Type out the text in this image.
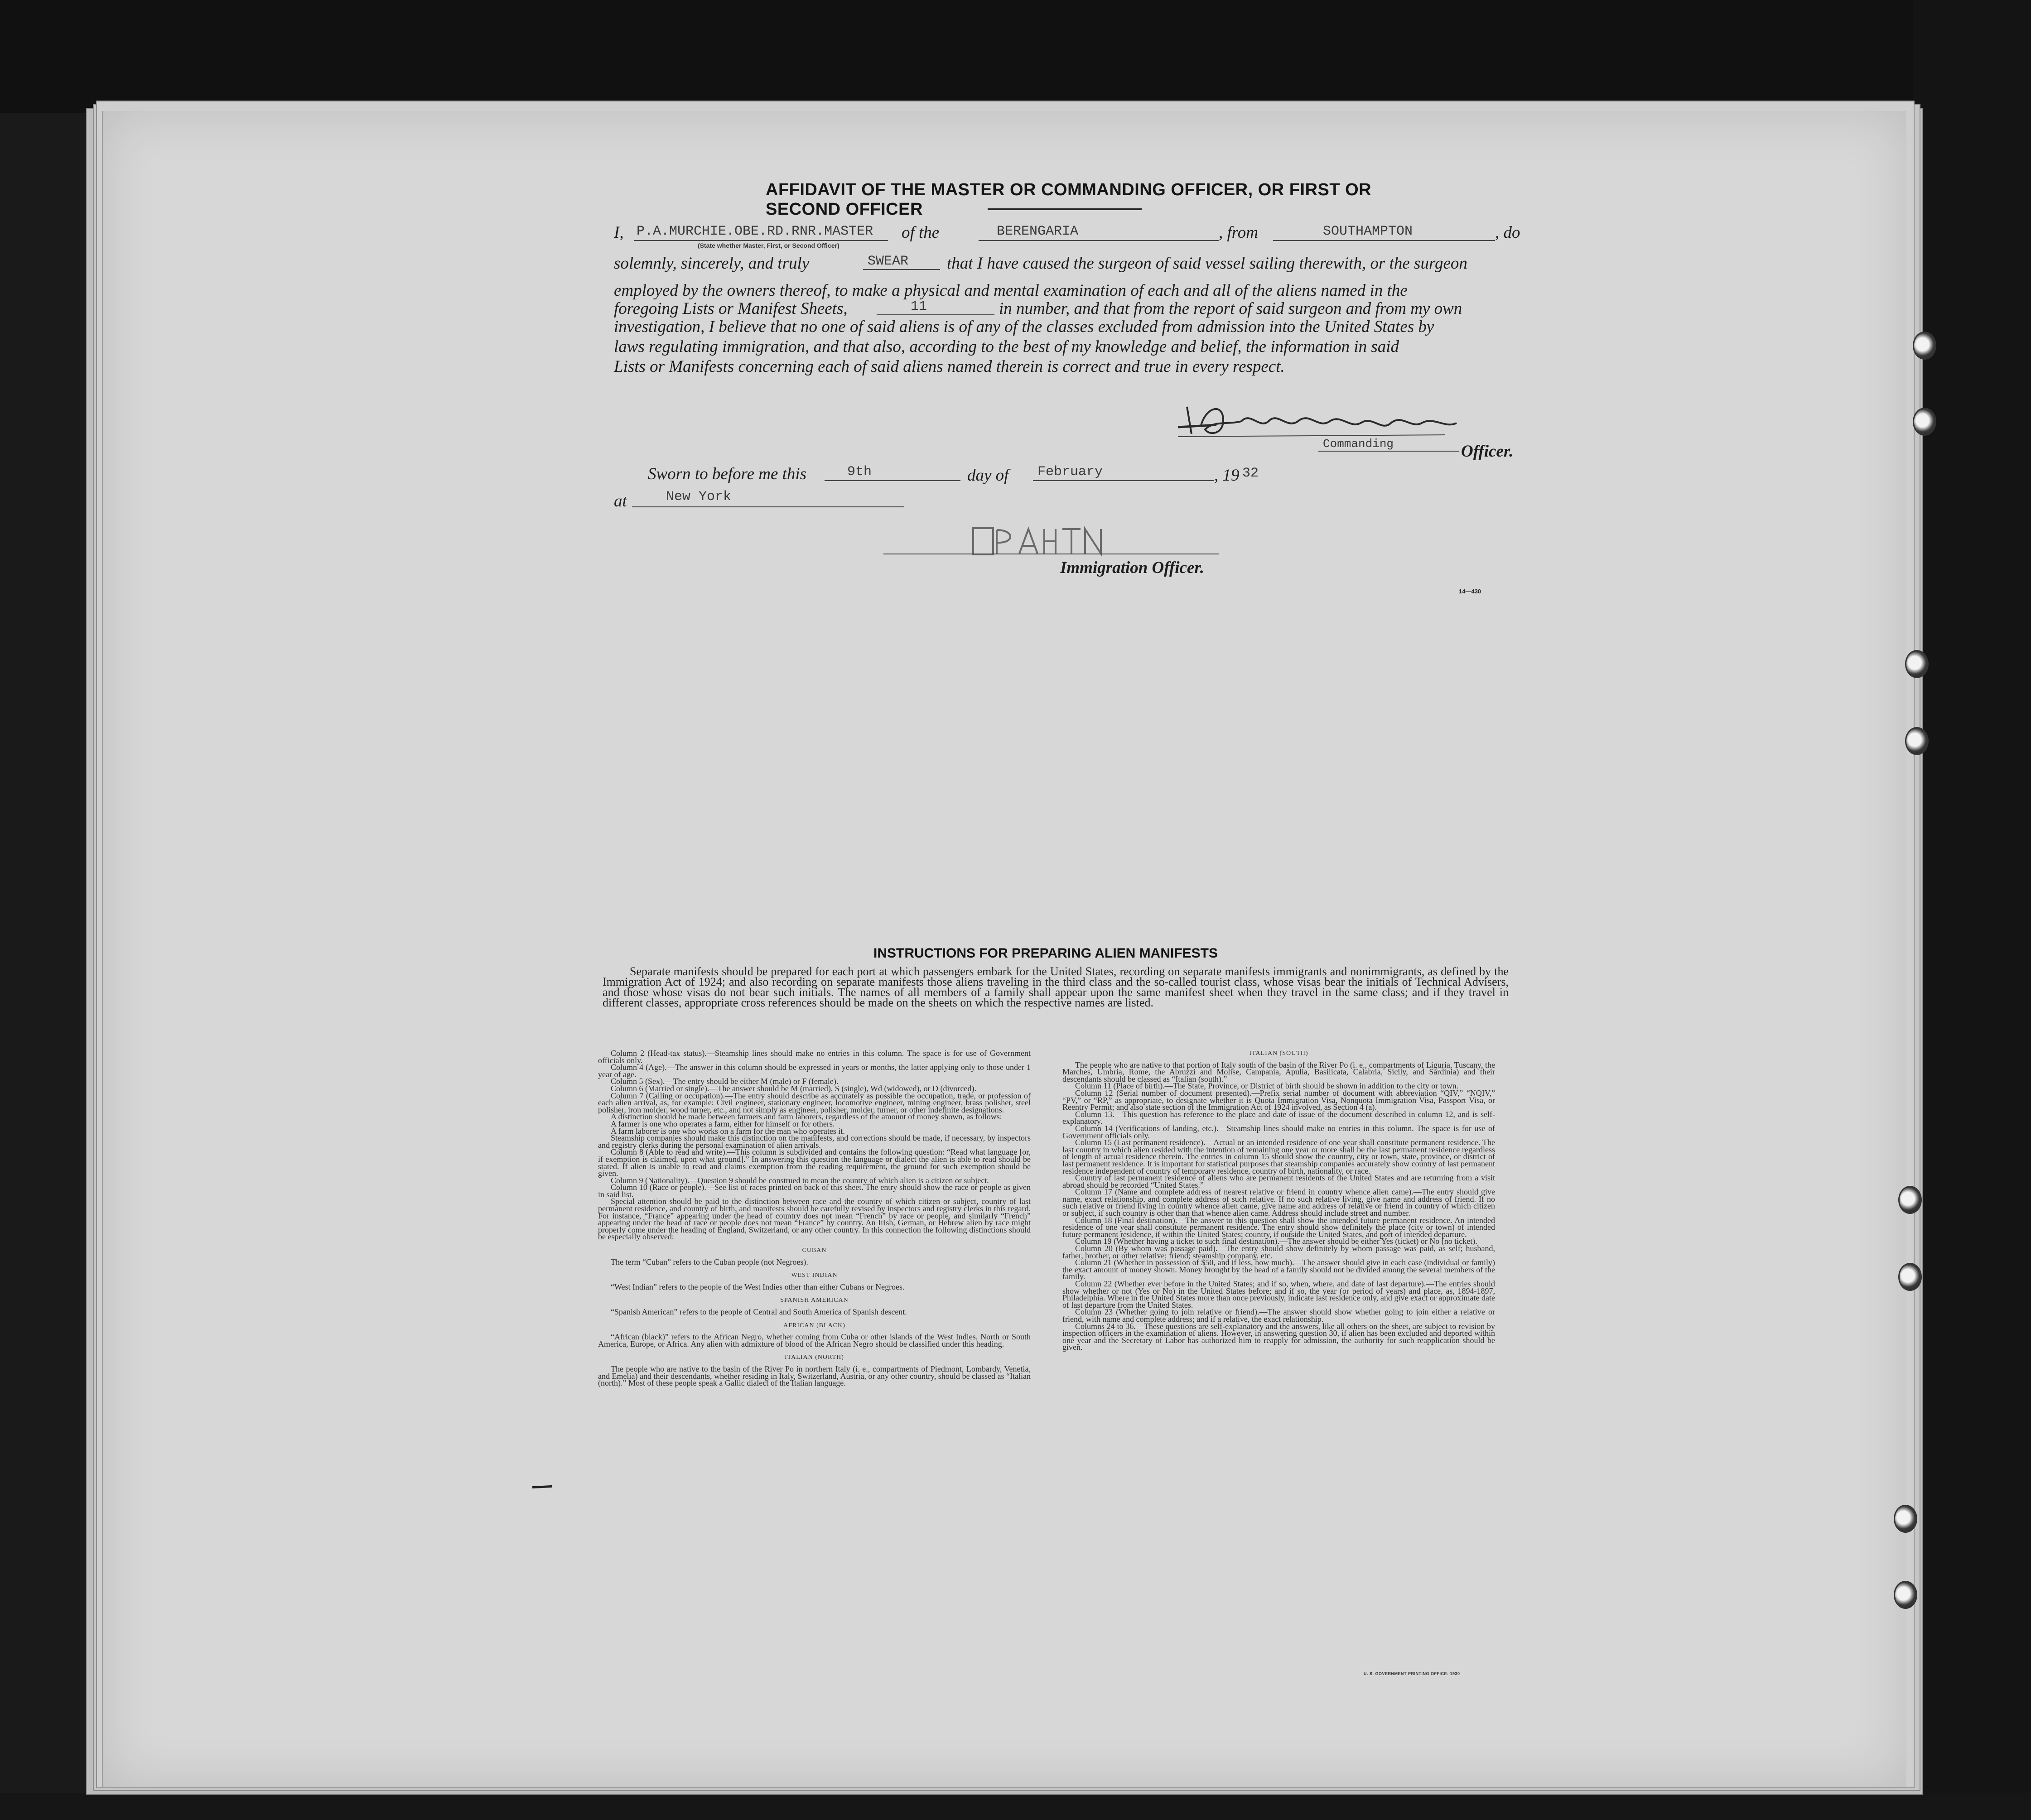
AFFIDAVIT OF THE MASTER OR COMMANDING OFFICER, OR FIRST OR SECOND OFFICER
I, P.A.MURCHIE.OBE.RD.RNR.MASTER
(State whether Master, First, or Second Officer)
of the	BERENGARIA	, from	SOUTHAMPTON	, do
solemnly, sincerely, and truly	SWEAR that I have caused the surgeon of said vessel sailing therewith, or the surgeon
employed by the owners thereof, to make a physical and mental examination of each and all of the aliens named in the
foregoing Lists or Manifest Sheets,	11	in number, and that from the report of said surgeon and from my own
investigation, I believe that no one of said aliens is of any of the classes excluded from admission into the United States by
laws regulating immigration, and that also, according to the best of my knowledge and belief, the information in said
Lists or Manifests concerning each of said aliens named therein is correct and true in every respect.
Commanding	Officer.
Sworn to before me this	9th	day of February	, 19 32
at	New York
Immigration Officer.
14—430
INSTRUCTIONS FOR PREPARING ALIEN MANIFESTS
Separate manifests should be prepared for each port at which passengers embark for the United States, recording on separate manifests immigrants and nonimmigrants, as defined by the Immigration Act of 1924; and also recording on separate manifests those aliens traveling in the third class and the so-called tourist class, whose visas bear the initials of Technical Advisers, and those whose visas do not bear such initials. The names of all members of a family shall appear upon the same manifest sheet when they travel in the same class; and if they travel in different classes, appropriate cross references should be made on the sheets on which the respective names are listed.

Column 2 (Head-tax status).—Steamship lines should make no entries in this column. The space is for use of Government officials only.

Column 4 (Age).—The answer in this column should be expressed in years or months, the latter applying only to those under 1 year of age.

Column 5 (Sex).—The entry should be either M (male) or F (female).

Column 6 (Married or single).—The answer should be M (married), S (single), Wd (widowed), or D (divorced).

Column 7 (Calling or occupation).—The entry should describe as accurately as possible the occupation, trade, or profession of each alien arrival, as, for example: Civil engineer, stationary engineer, locomotive engineer, mining engineer, brass polisher, steel polisher, iron molder, wood turner, etc., and not simply as engineer, polisher, molder, turner, or other indefinite designations.

A distinction should be made between farmers and farm laborers, regardless of the amount of money shown, as follows:

A farmer is one who operates a farm, either for himself or for others.

A farm laborer is one who works on a farm for the man who operates it.

Steamship companies should make this distinction on the manifests, and corrections should be made, if necessary, by inspectors and registry clerks during the personal examination of alien arrivals.

Column 8 (Able to read and write).—This column is subdivided and contains the following question: “Read what language [or, if exemption is claimed, upon what ground].” In answering this question the language or dialect the alien is able to read should be stated. If alien is unable to read and claims exemption from the reading requirement, the ground for such exemption should be given.

Column 9 (Nationality).—Question 9 should be construed to mean the country of which alien is a citizen or subject.

Column 10 (Race or people).—See list of races printed on back of this sheet. The entry should show the race or people as given in said list.

Special attention should be paid to the distinction between race and the country of which citizen or subject, country of last permanent residence, and country of birth, and manifests should be carefully revised by inspectors and registry clerks in this regard. For instance, “France” appearing under the head of country does not mean “French” by race or people, and similarly “French” appearing under the head of race or people does not mean “France” by country. An Irish, German, or Hebrew alien by race might properly come under the heading of England, Switzerland, or any other country. In this connection the following distinctions should be especially observed:

CUBAN

The term “Cuban” refers to the Cuban people (not Negroes).

WEST INDIAN

“West Indian” refers to the people of the West Indies other than either Cubans or Negroes.

SPANISH AMERICAN

“Spanish American” refers to the people of Central and South America of Spanish descent.

AFRICAN (BLACK)

“African (black)” refers to the African Negro, whether coming from Cuba or other islands of the West Indies, North or South America, Europe, or Africa. Any alien with admixture of blood of the African Negro should be classified under this heading.

ITALIAN (NORTH)

The people who are native to the basin of the River Po in northern Italy (i. e., compartments of Piedmont, Lombardy, Venetia, and Emelia) and their descendants, whether residing in Italy, Switzerland, Austria, or any other country, should be classed as “Italian (north).” Most of these people speak a Gallic dialect of the Italian language.

ITALIAN (SOUTH)

The people who are native to that portion of Italy south of the basin of the River Po (i. e., compartments of Liguria, Tuscany, the Marches, Umbria, Rome, the Abruzzi and Molise, Campania, Apulia, Basilicata, Calabria, Sicily, and Sardinia) and their descendants should be classed as “Italian (south).”

Column 11 (Place of birth).—The State, Province, or District of birth should be shown in addition to the city or town.

Column 12 (Serial number of document presented).—Prefix serial number of document with abbreviation “QIV,” “NQIV,” “PV,” or “RP,” as appropriate, to designate whether it is Quota Immigration Visa, Nonquota Immigration Visa, Passport Visa, or Reentry Permit; and also state section of the Immigration Act of 1924 involved, as Section 4 (a).

Column 13.—This question has reference to the place and date of issue of the document described in column 12, and is self-explanatory.

Column 14 (Verifications of landing, etc.).—Steamship lines should make no entries in this column. The space is for use of Government officials only.

Column 15 (Last permanent residence).—Actual or an intended residence of one year shall constitute permanent residence. The last country in which alien resided with the intention of remaining one year or more shall be the last permanent residence regardless of length of actual residence therein. The entries in column 15 should show the country, city or town, state, province, or district of last permanent residence. It is important for statistical purposes that steamship companies accurately show country of last permanent residence independent of country of temporary residence, country of birth, nationality, or race.

Country of last permanent residence of aliens who are permanent residents of the United States and are returning from a visit abroad should be recorded “United States.”

Column 17 (Name and complete address of nearest relative or friend in country whence alien came).—The entry should give name, exact relationship, and complete address of such relative. If no such relative living, give name and address of friend. If no such relative or friend living in country whence alien came, give name and address of relative or friend in country of which citizen or subject, if such country is other than that whence alien came. Address should include street and number.

Column 18 (Final destination).—The answer to this question shall show the intended future permanent residence. An intended residence of one year shall constitute permanent residence. The entry should show definitely the place (city or town) of intended future permanent residence, if within the United States; country, if outside the United States, and port of intended departure.

Column 19 (Whether having a ticket to such final destination).—The answer should be either Yes (ticket) or No (no ticket).

Column 20 (By whom was passage paid).—The entry should show definitely by whom passage was paid, as self; husband, father, brother, or other relative; friend; steamship company, etc.

Column 21 (Whether in possession of $50, and if less, how much).—The answer should give in each case (individual or family) the exact amount of money shown. Money brought by the head of a family should not be divided among the several members of the family.

Column 22 (Whether ever before in the United States; and if so, when, where, and date of last departure).—The entries should show whether or not (Yes or No) in the United States before; and if so, the year (or period of years) and place, as, 1894-1897, Philadelphia. Where in the United States more than once previously, indicate last residence only, and give exact or approximate date of last departure from the United States.

Column 23 (Whether going to join relative or friend).—The answer should show whether going to join either a relative or friend, with name and complete address; and if a relative, the exact relationship.

Columns 24 to 36.—These questions are self-explanatory and the answers, like all others on the sheet, are subject to revision by inspection officers in the examination of aliens. However, in answering question 30, if alien has been excluded and deported within one year and the Secretary of Labor has authorized him to reapply for admission, the authority for such reapplication should be given.

U. S. GOVERNMENT PRINTING OFFICE: 1930
